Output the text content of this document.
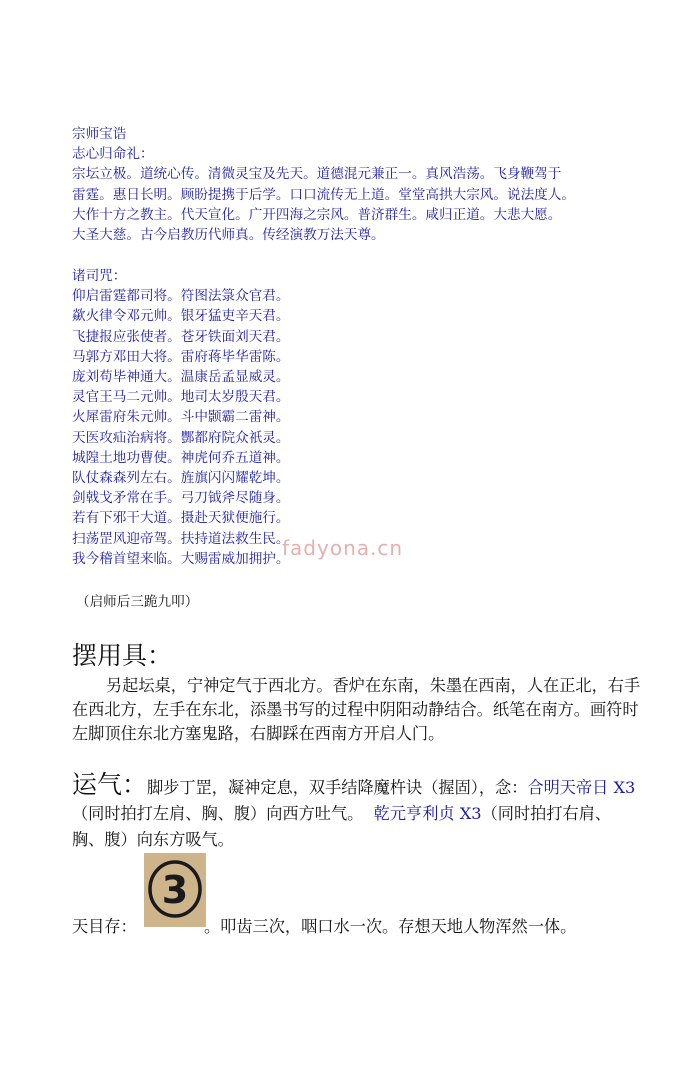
宗师宝诰
志心归命礼：
宗坛立极。道统心传。清微灵宝及先天。道德混元兼正一。真风浩荡。飞身鞭驾于
雷霆。惠日长明。顾盼提携于后学。口口流传无上道。堂堂高拱大宗风。说法度人。
大作十方之教主。代天宣化。广开四海之宗风。普济群生。咸归正道。大悲大愿。
大圣大慈。古今启教历代师真。传经演教万法天尊。
诸司咒：
仰启雷霆都司将。符图法箓众官君。
歘火律令邓元帅。银牙猛吏辛天君。
飞捷报应张使者。苍牙铁面刘天君。
马郭方邓田大将。雷府蒋毕华雷陈。
庞刘苟毕神通大。温康岳孟显威灵。
灵官王马二元帅。地司太岁殷天君。
火犀雷府朱元帅。斗中颢霸二雷神。
天医攻疝治病将。酆都府院众祇灵。
城隍土地功曹使。神虎何乔五道神。
队仗森森列左右。旌旗闪闪耀乾坤。
剑戟戈矛常在手。弓刀钺斧尽随身。
若有下邪干大道。摄赴天狱便施行。
扫荡罡风迎帝驾。扶持道法救生民。
我今稽首望来临。大赐雷威加拥护。
（启师后三跪九叩）
fadyona.cn
摆用具：
另起坛桌，宁神定气于西北方。香炉在东南，朱墨在西南，人在正北，右手在西北方，左手在东北，添墨书写的过程中阴阳动静结合。纸笔在南方。画符时左脚顶住东北方塞鬼路，右脚踩在西南方开启人门。
运气：脚步丁罡，凝神定息，双手结降魔杵诀（握固），念：合明天帝日 X3（同时拍打左肩、胸、腹）向西方吐气。 乾元亨利贞 X3（同时拍打右肩、胸、腹）向东方吸气。
天目存：
3
。叩齿三次，咽口水一次。存想天地人物浑然一体。
